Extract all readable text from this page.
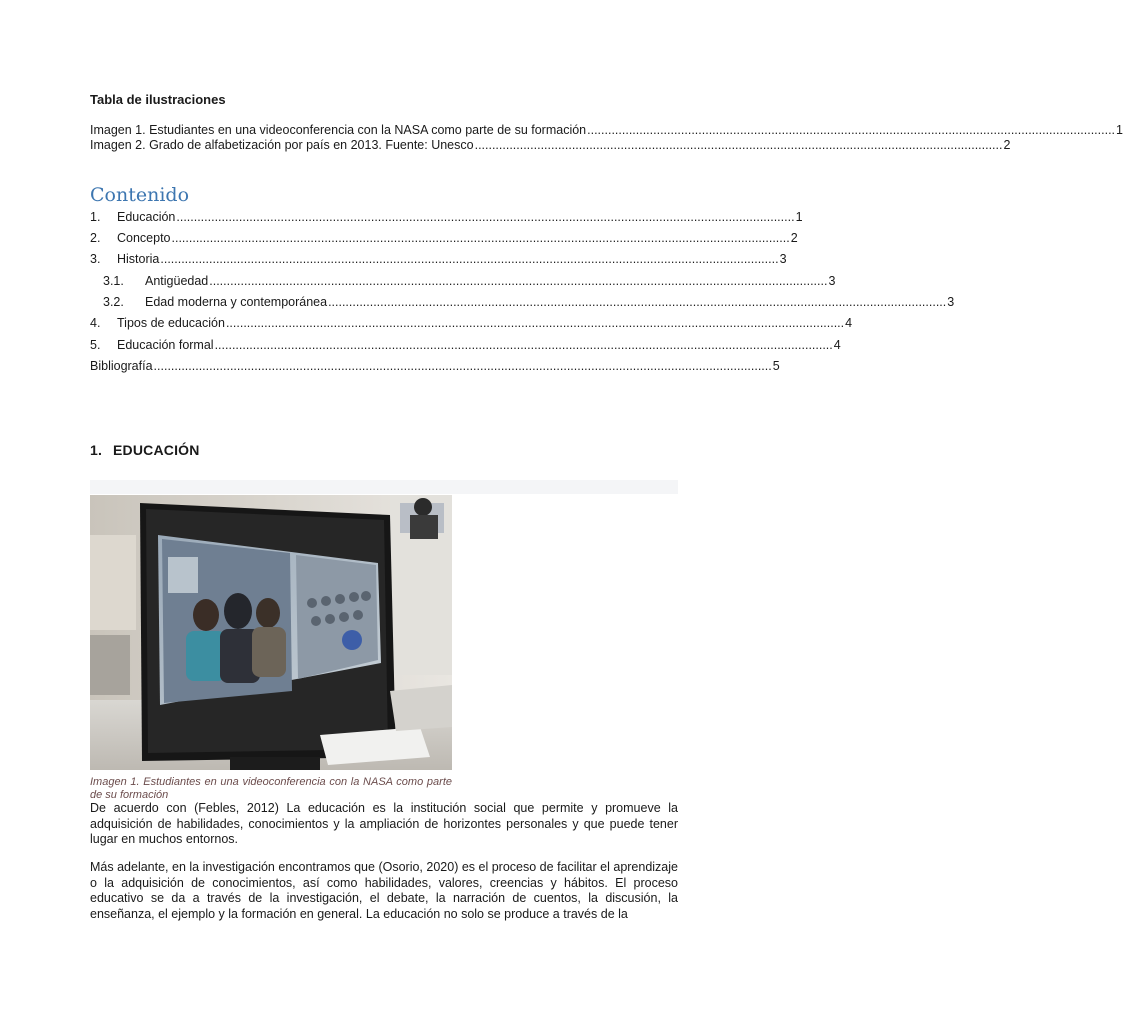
Tabla de ilustraciones
Imagen 1. Estudiantes en una videoconferencia con la NASA como parte de su formación ........................................................................................................................................................ 1
Imagen 2. Grado de alfabetización por país en 2013. Fuente: Unesco ........................................................................................................................................................ 2
Contenido
1. Educación .................................................................................................................................................................................. 1
2. Concepto .................................................................................................................................................................................. 2
3. Historia .................................................................................................................................................................................. 3
3.1. Antigüedad .................................................................................................................................................................................. 3
3.2. Edad moderna y contemporánea .................................................................................................................................................................................. 3
4. Tipos de educación .................................................................................................................................................................................. 4
5. Educación formal .................................................................................................................................................................................. 4
Bibliografía .................................................................................................................................................................................. 5
1. EDUCACIÓN
Imagen 1. Estudiantes en una videoconferencia con la NASA como parte de su formación

De acuerdo con (Febles, 2012) La educación es la institución social que permite y promueve la adquisición de habilidades, conocimientos y la ampliación de horizontes personales y que puede tener lugar en muchos entornos.

Más adelante, en la investigación encontramos que (Osorio, 2020) es el proceso de facilitar el aprendizaje o la adquisición de conocimientos, así como habilidades, valores, creencias y hábitos. El proceso educativo se da a través de la investigación, el debate, la narración de cuentos, la discusión, la enseñanza, el ejemplo y la formación en general. La educación no solo se produce a través de la
